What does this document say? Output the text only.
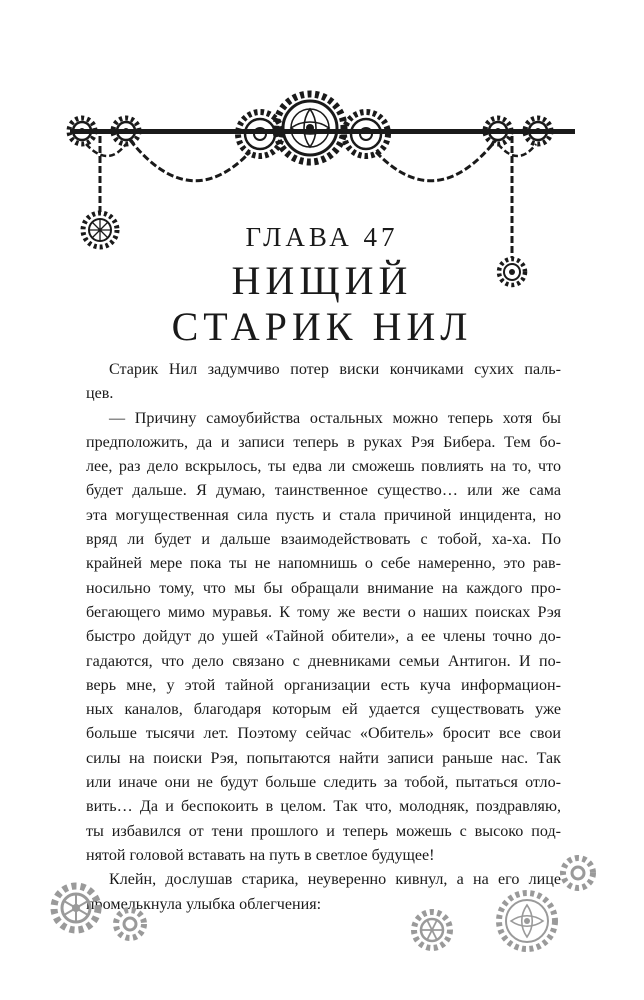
ГЛАВА 47
НИЩИЙ
СТАРИК НИЛ
Старик Нил задумчиво потер виски кончиками сухих паль-
цев.
— Причину самоубийства остальных можно теперь хотя бы
предположить, да и записи теперь в руках Рэя Бибера. Тем бо-
лее, раз дело вскрылось, ты едва ли сможешь повлиять на то, что
будет дальше. Я думаю, таинственное существо… или же сама
эта могущественная сила пусть и стала причиной инцидента, но
вряд ли будет и дальше взаимодействовать с тобой, ха-ха. По
крайней мере пока ты не напомнишь о себе намеренно, это рав-
носильно тому, что мы бы обращали внимание на каждого про-
бегающего мимо муравья. К тому же вести о наших поисках Рэя
быстро дойдут до ушей «Тайной обители», а ее члены точно до-
гадаются, что дело связано с дневниками семьи Антигон. И по-
верь мне, у этой тайной организации есть куча информацион-
ных каналов, благодаря которым ей удается существовать уже
больше тысячи лет. Поэтому сейчас «Обитель» бросит все свои
силы на поиски Рэя, попытаются найти записи раньше нас. Так
или иначе они не будут больше следить за тобой, пытаться отло-
вить… Да и беспокоить в целом. Так что, молодняк, поздравляю,
ты избавился от тени прошлого и теперь можешь с высоко под-
нятой головой вставать на путь в светлое будущее!
Клейн, дослушав старика, неуверенно кивнул, а на его лице
промелькнула улыбка облегчения:
